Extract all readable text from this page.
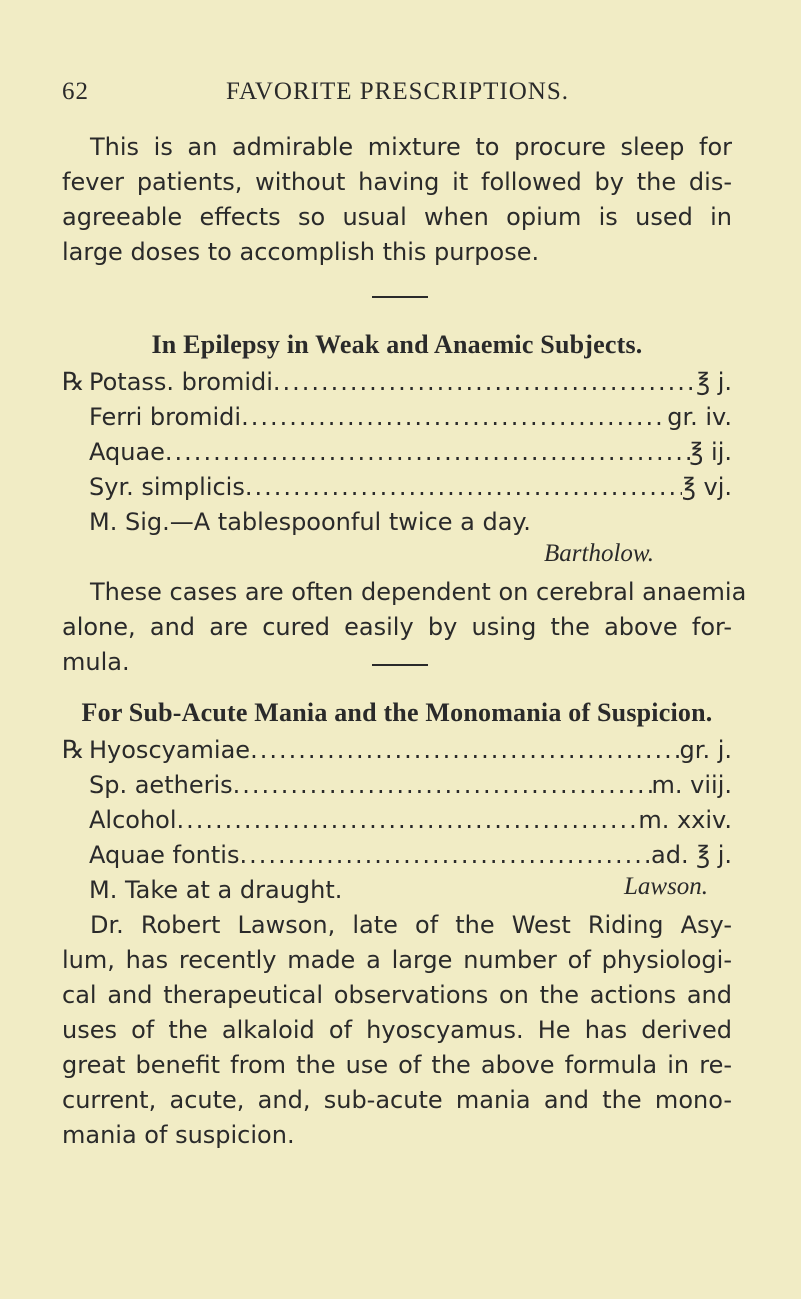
62	FAVORITE PRESCRIPTIONS.
This is an admirable mixture to procure sleep for
fever patients, without having it followed by the dis-
agreeable effects so usual when opium is used in
large doses to accomplish this purpose.
In Epilepsy in Weak and Anaemic Subjects.
℞ Potass. bromidi .....	℥ j.
Ferri bromidi .....	gr. iv.
Aquae .....	℥ ij.
Syr. simplicis .....	℥ vj.
M. Sig.—A tablespoonful twice a day.
Bartholow.
These cases are often dependent on cerebral anaemia
alone, and are cured easily by using the above for-
mula.
For Sub-Acute Mania and the Monomania of Suspicion.
℞ Hyoscyamiae .....	gr. j.
Sp. aetheris .....	m. viij.
Alcohol .....	m. xxiv.
Aquae fontis .....	ad. ℥ j.
M. Take at a draught.	Lawson.
Dr. Robert Lawson, late of the West Riding Asy-
lum, has recently made a large number of physiologi-
cal and therapeutical observations on the actions and
uses of the alkaloid of hyoscyamus. He has derived
great benefit from the use of the above formula in re-
current, acute, and, sub-acute mania and the mono-
mania of suspicion.
